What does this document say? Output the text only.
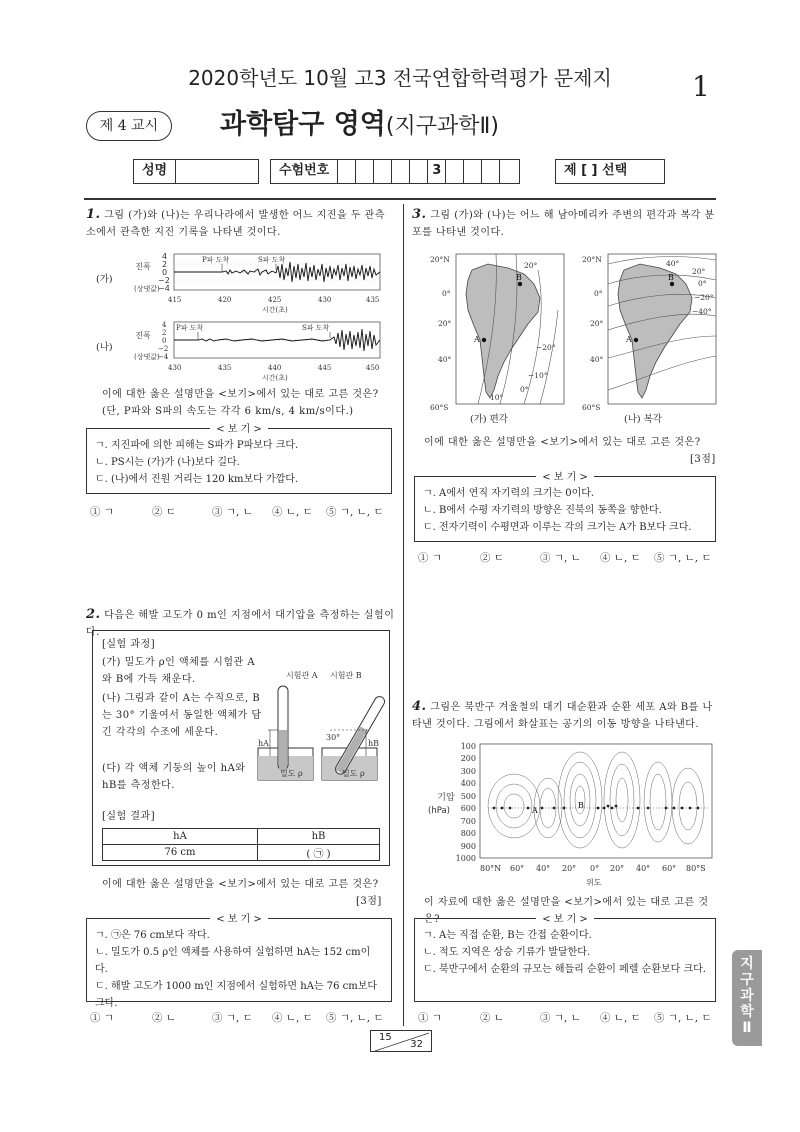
2020학년도 10월 고3 전국연합학력평가 문제지	1
제 4 교시	과학탐구 영역(지구과학Ⅱ)
성명	수험번호	3	제 [ ] 선택
1. 그림 (가)와 (나)는 우리나라에서 발생한 어느 지진을 두 관측소에서 관측한 지진 기록을 나타낸 것이다.
(가)
진폭
(상댓값)
4
2
0
−2
−4
P파 도착	S파 도착
415	420	425	430	435
시간(초)
(나)
진폭
(상댓값)
4
2
0
−2
−4
P파 도착	S파 도착
430	435	440	445	450
시간(초)
이에 대한 옳은 설명만을 <보기>에서 있는 대로 고른 것은?
(단, P파와 S파의 속도는 각각 6 km/s, 4 km/s이다.)
< 보 기 >
ㄱ. 지진파에 의한 피해는 S파가 P파보다 크다.
ㄴ. PS시는 (가)가 (나)보다 길다.
ㄷ. (나)에서 진원 거리는 120 km보다 가깝다.
① ㄱ	② ㄷ	③ ㄱ, ㄴ	④ ㄴ, ㄷ	⑤ ㄱ, ㄴ, ㄷ
2. 다음은 해발 고도가 0 m인 지점에서 대기압을 측정하는 실험이다.
[실험 과정]
(가) 밀도가 ρ인 액체를 시험관 A와 B에 가득 채운다.
(나) 그림과 같이 A는 수직으로, B는 30° 기울여서 동일한 액체가 담긴 각각의 수조에 세운다.
(다) 각 액체 기둥의 높이 hA와 hB를 측정한다.
시험관 A 시험관 B
hA
밀도 ρ
hB
30°
밀도 ρ
[실험 결과]
hA	hB
76 cm	( ㉠ )
이에 대한 옳은 설명만을 <보기>에서 있는 대로 고른 것은?
[3점]
< 보 기 >
ㄱ. ㉠은 76 cm보다 작다.
ㄴ. 밀도가 0.5 ρ인 액체를 사용하여 실험하면 hA는 152 cm이다.
ㄷ. 해발 고도가 1000 m인 지점에서 실험하면 hA는 76 cm보다 크다.
① ㄱ	② ㄴ	③ ㄱ, ㄷ	④ ㄴ, ㄷ	⑤ ㄱ, ㄴ, ㄷ
3. 그림 (가)와 (나)는 어느 해 남아메리카 주변의 편각과 복각 분포를 나타낸 것이다.
20°N
0°
20°
40°
60°S
B
A
20°
−20°
−10°
0°
10°
(가) 편각
20°N
0°
20°
40°
60°S
B
A
40°
20°
0°
−20°
−40°
(나) 복각
이에 대한 옳은 설명만을 <보기>에서 있는 대로 고른 것은?
[3점]
< 보 기 >
ㄱ. A에서 연직 자기력의 크기는 0이다.
ㄴ. B에서 수평 자기력의 방향은 진북의 동쪽을 향한다.
ㄷ. 전자기력이 수평면과 이루는 각의 크기는 A가 B보다 크다.
① ㄱ	② ㄷ	③ ㄱ, ㄴ	④ ㄴ, ㄷ	⑤ ㄱ, ㄴ, ㄷ
4. 그림은 북반구 겨울철의 대기 대순환과 순환 세포 A와 B를 나타낸 것이다. 그림에서 화살표는 공기의 이동 방향을 나타낸다.
기압
(hPa)
100
200
300
400
500
600
700
800
900
1000
A
B
80°N 60° 40° 20° 0° 20° 40° 60° 80°S
위도
이 자료에 대한 옳은 설명만을 <보기>에서 있는 대로 고른 것은?	< 보 기 >
ㄱ. A는 직접 순환, B는 간접 순환이다.
ㄴ. 적도 지역은 상승 기류가 발달한다.
ㄷ. 북반구에서 순환의 규모는 해들리 순환이 페렐 순환보다 크다.
① ㄱ	② ㄴ	③ ㄱ, ㄴ	④ ㄴ, ㄷ	⑤ ㄱ, ㄴ, ㄷ
지구과학Ⅱ
15
32
